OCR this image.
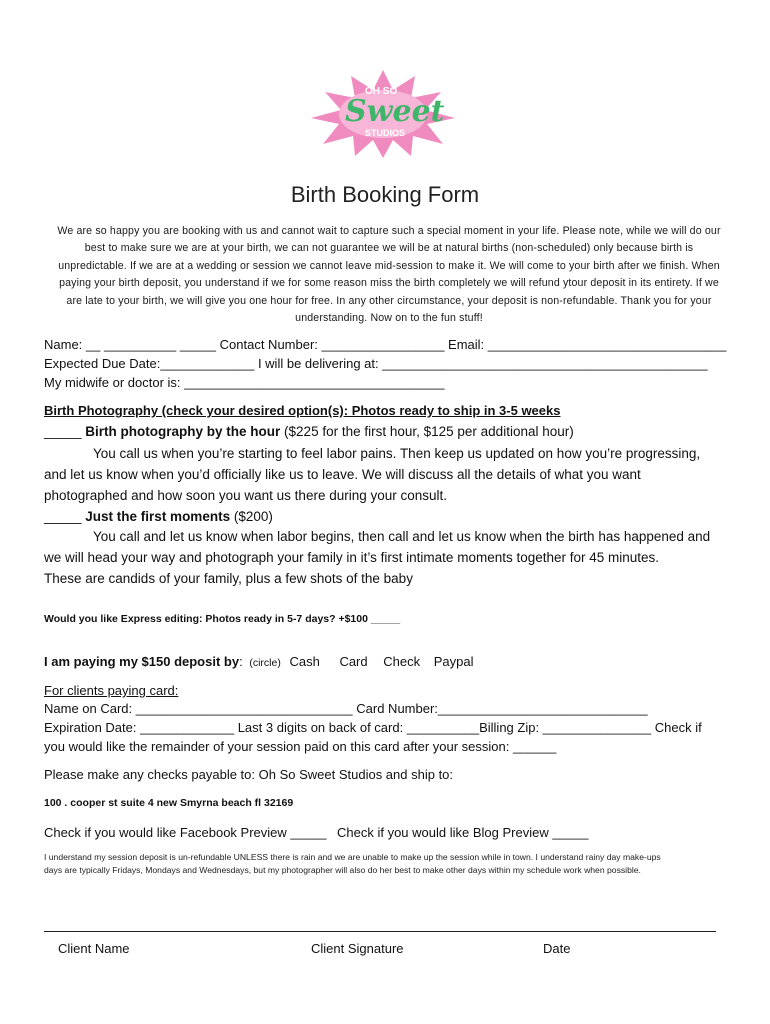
OH SO
Sweet
STUDIOS
Birth Booking Form
We are so happy you are booking with us and cannot wait to capture such a special moment in your life. Please note, while we will do our best to make sure we are at your birth, we can not guarantee we will be at natural births (non-scheduled) only because birth is unpredictable. If we are at a wedding or session we cannot leave mid-session to make it. We will come to your birth after we finish. When paying your birth deposit, you understand if we for some reason miss the birth completely we will refund ytour deposit in its entirety. If we are late to your birth, we will give you one hour for free. In any other circumstance, your deposit is non-refundable. Thank you for your understanding. Now on to the fun stuff!
Name: __ __________ _____ Contact Number: _________________ Email: _________________________________
Expected Due Date:_____________ I will be delivering at: _____________________________________________
My midwife or doctor is: ____________________________________
Birth Photography (check your desired option(s): Photos ready to ship in 3-5 weeks
_____ Birth photography by the hour ($225 for the first hour, $125 per additional hour)
You call us when you’re starting to feel labor pains. Then keep us updated on how you’re progressing,
and let us know when you’d officially like us to leave. We will discuss all the details of what you want
photographed and how soon you want us there during your consult.
_____ Just the first moments ($200)
You call and let us know when labor begins, then call and let us know when the birth has happened and
we will head your way and photograph your family in it’s first intimate moments together for 45 minutes.
These are candids of your family, plus a few shots of the baby
Would you like Express editing: Photos ready in 5-7 days? +$100 _____
I am paying my $150 deposit by: (circle) Cash Card Check Paypal
For clients paying card:
Name on Card: ______________________________ Card Number:_____________________________
Expiration Date: _____________ Last 3 digits on back of card: __________Billing Zip: _______________ Check if
you would like the remainder of your session paid on this card after your session: ______
Please make any checks payable to: Oh So Sweet Studios and ship to:
100 . cooper st suite 4 new Smyrna beach fl 32169
Check if you would like Facebook Preview _____ Check if you would like Blog Preview _____
I understand my session deposit is un-refundable UNLESS there is rain and we are unable to make up the session while in town. I understand rainy day make-ups
days are typically Fridays, Mondays and Wednesdays, but my photographer will also do her best to make other days within my schedule work when possible.
Client Name	Client Signature	Date
